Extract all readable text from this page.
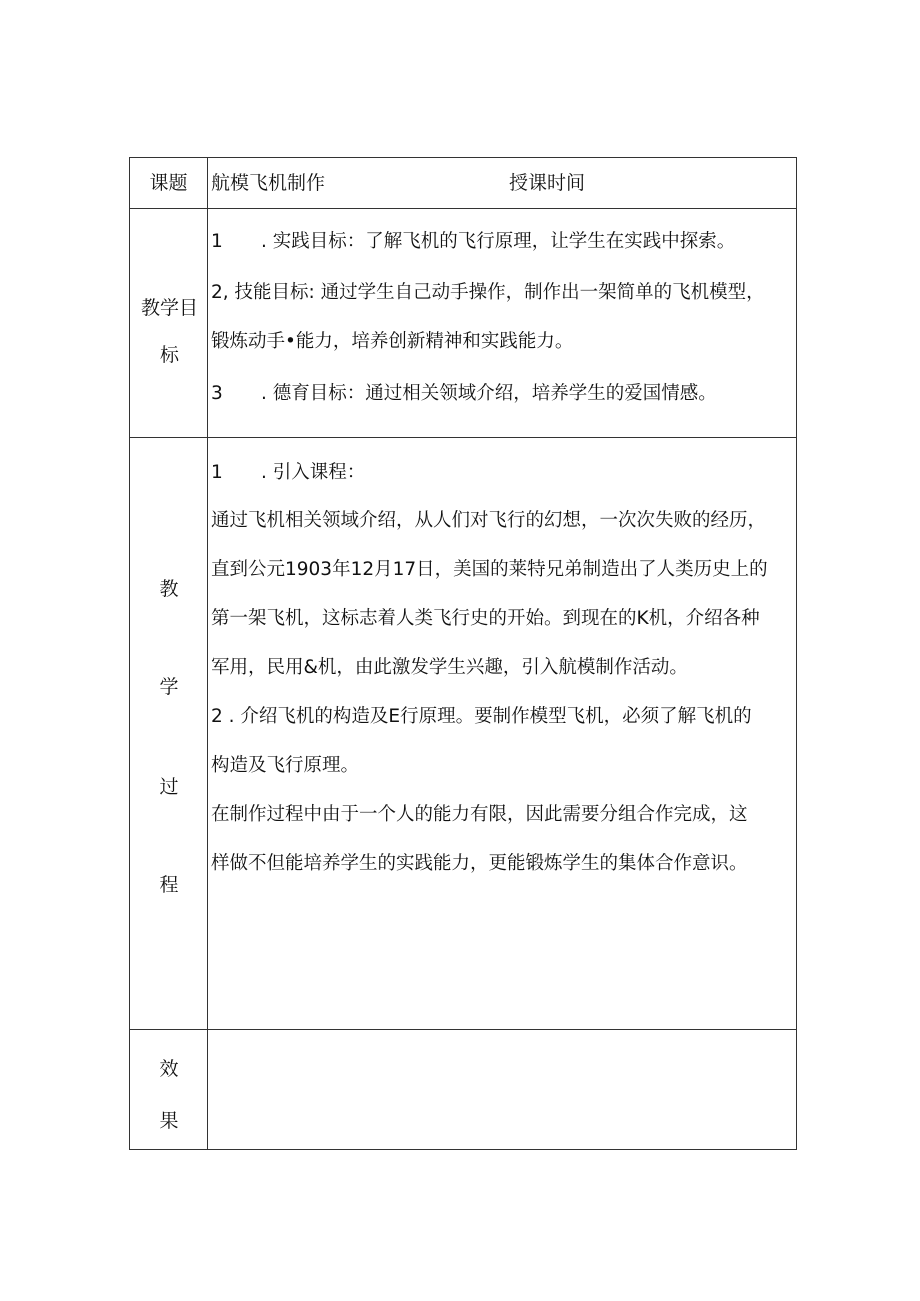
课题	航模飞机制作	授课时间
教学目标
1 . 实践目标：了解飞机的飞行原理，让学生在实践中探索。
2, 技能目标: 通过学生自己动手操作，制作出一架简单的飞机模型，
锻炼动手•能力，培养创新精神和实践能力。
3 . 德育目标：通过相关领域介绍，培养学生的爱国情感。
教
学
过
程
1 . 引入课程：
通过飞机相关领域介绍，从人们对飞行的幻想，一次次失败的经历，
直到公元1903年12月17日，美国的莱特兄弟制造出了人类历史上的
第一架飞机，这标志着人类飞行史的开始。到现在的K机，介绍各种
军用，民用&机，由此激发学生兴趣，引入航模制作活动。
2 . 介绍飞机的构造及E行原理。要制作模型飞机，必须了解飞机的
构造及飞行原理。
在制作过程中由于一个人的能力有限，因此需要分组合作完成，这
样做不但能培养学生的实践能力，更能锻炼学生的集体合作意识。
效
果
